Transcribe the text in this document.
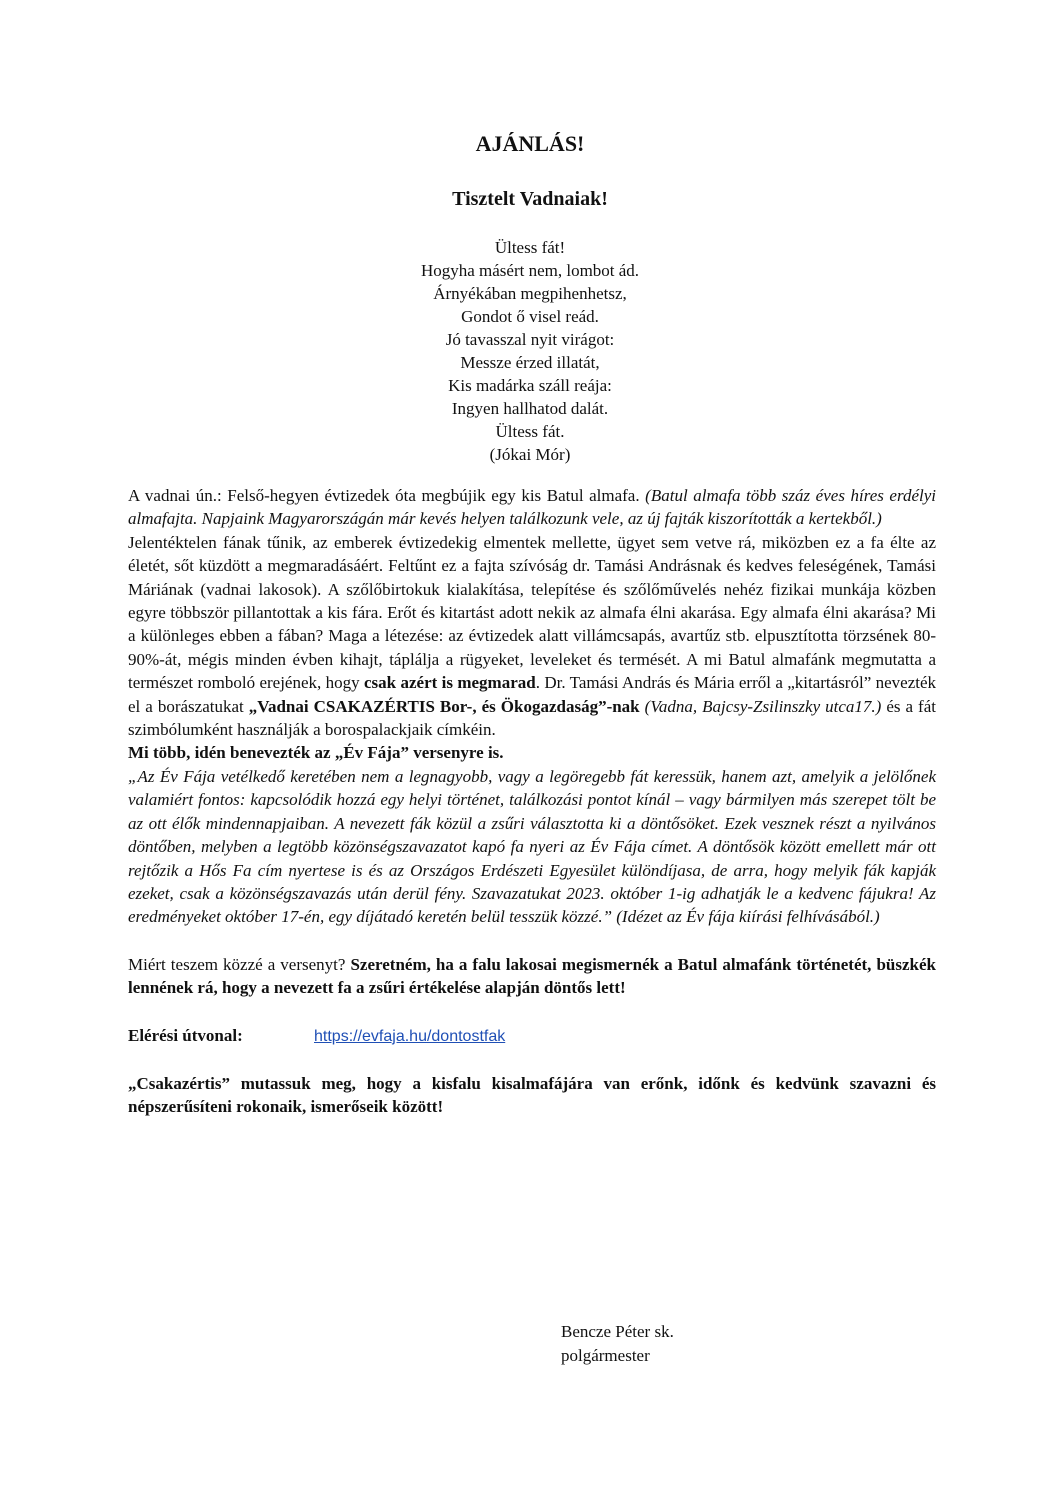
AJÁNLÁS!
Tisztelt Vadnaiak!
Ültess fát!
Hogyha másért nem, lombot ád.
Árnyékában megpihenhetsz,
Gondot ő visel reád.
Jó tavasszal nyit virágot:
Messze érzed illatát,
Kis madárka száll reája:
Ingyen hallhatod dalát.
Ültess fát.
(Jókai Mór)

A vadnai ún.: Felső-hegyen évtizedek óta megbújik egy kis Batul almafa. (Batul almafa több száz éves híres erdélyi almafajta. Napjaink Magyarországán már kevés helyen találkozunk vele, az új fajták kiszorították a kertekből.)

Jelentéktelen fának tűnik, az emberek évtizedekig elmentek mellette, ügyet sem vetve rá, miközben ez a fa élte az életét, sőt küzdött a megmaradásáért. Feltűnt ez a fajta szívóság dr. Tamási Andrásnak és kedves feleségének, Tamási Máriának (vadnai lakosok). A szőlőbirtokuk kialakítása, telepítése és szőlőművelés nehéz fizikai munkája közben egyre többször pillantottak a kis fára. Erőt és kitartást adott nekik az almafa élni akarása. Egy almafa élni akarása? Mi a különleges ebben a fában? Maga a létezése: az évtizedek alatt villámcsapás, avartűz stb. elpusztította törzsének 80-90%-át, mégis minden évben kihajt, táplálja a rügyeket, leveleket és termését. A mi Batul almafánk megmutatta a természet romboló erejének, hogy csak azért is megmarad. Dr. Tamási András és Mária erről a „kitartásról” nevezték el a borászatukat „Vadnai CSAKAZÉRTIS Bor-, és Ökogazdaság”-nak (Vadna, Bajcsy-Zsilinszky utca17.) és a fát szimbólumként használják a borospalackjaik címkéin.

Mi több, idén benevezték az „Év Fája” versenyre is.

„Az Év Fája vetélkedő keretében nem a legnagyobb, vagy a legöregebb fát keressük, hanem azt, amelyik a jelölőnek valamiért fontos: kapcsolódik hozzá egy helyi történet, találkozási pontot kínál – vagy bármilyen más szerepet tölt be az ott élők mindennapjaiban. A nevezett fák közül a zsűri választotta ki a döntősöket. Ezek vesznek részt a nyilvános döntőben, melyben a legtöbb közönségszavazatot kapó fa nyeri az Év Fája címet. A döntősök között emellett már ott rejtőzik a Hős Fa cím nyertese is és az Országos Erdészeti Egyesület különdíjasa, de arra, hogy melyik fák kapják ezeket, csak a közönségszavazás után derül fény. Szavazatukat 2023. október 1-ig adhatják le a kedvenc fájukra! Az eredményeket október 17-én, egy díjátadó keretén belül tesszük közzé.” (Idézet az Év fája kiírási felhívásából.)

Miért teszem közzé a versenyt? Szeretném, ha a falu lakosai megismernék a Batul almafánk történetét, büszkék lennének rá, hogy a nevezett fa a zsűri értékelése alapján döntős lett!

Elérési útvonal:	https://evfaja.hu/dontostfak

„Csakazértis” mutassuk meg, hogy a kisfalu kisalmafájára van erőnk, időnk és kedvünk szavazni és népszerűsíteni rokonaik, ismerőseik között!

Bencze Péter sk.
polgármester
